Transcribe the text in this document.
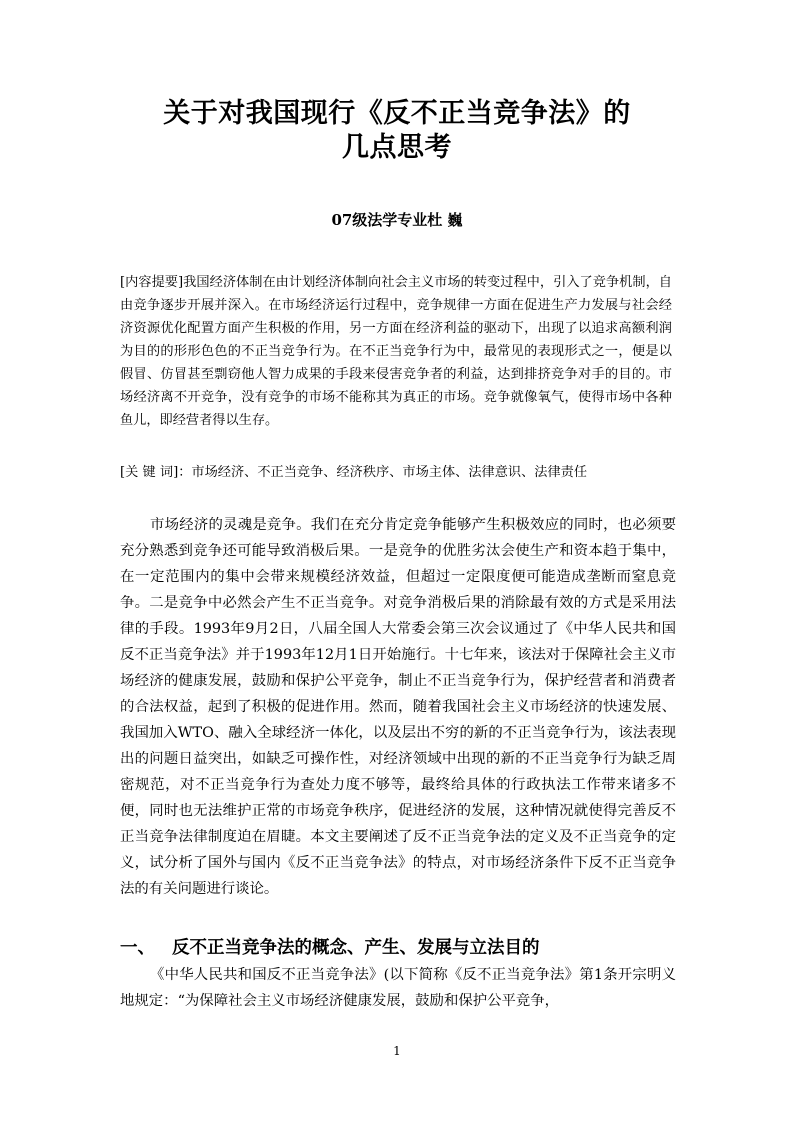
关于对我国现行《反不正当竞争法》的
几点思考
07级法学专业杜 巍

[内容提要]我国经济体制在由计划经济体制向社会主义市场的转变过程中，引入了竞争机制，自由竞争逐步开展并深入。在市场经济运行过程中，竞争规律一方面在促进生产力发展与社会经济资源优化配置方面产生积极的作用，另一方面在经济利益的驱动下，出现了以追求高额利润为目的的形形色色的不正当竞争行为。在不正当竞争行为中，最常见的表现形式之一，便是以假冒、仿冒甚至剽窃他人智力成果的手段来侵害竞争者的利益，达到排挤竞争对手的目的。市场经济离不开竞争，没有竞争的市场不能称其为真正的市场。竞争就像氧气，使得市场中各种鱼儿，即经营者得以生存。

[关 键 词]：市场经济、不正当竞争、经济秩序、市场主体、法律意识、法律责任

市场经济的灵魂是竞争。我们在充分肯定竞争能够产生积极效应的同时，也必须要充分熟悉到竞争还可能导致消极后果。一是竞争的优胜劣汰会使生产和资本趋于集中，在一定范围内的集中会带来规模经济效益，但超过一定限度便可能造成垄断而窒息竞争。二是竞争中必然会产生不正当竞争。对竞争消极后果的消除最有效的方式是采用法律的手段。1993年9月2日，八届全国人大常委会第三次会议通过了《中华人民共和国反不正当竞争法》并于1993年12月1日开始施行。十七年来，该法对于保障社会主义市场经济的健康发展，鼓励和保护公平竞争，制止不正当竞争行为，保护经营者和消费者的合法权益，起到了积极的促进作用。然而，随着我国社会主义市场经济的快速发展、我国加入WTO、融入全球经济一体化，以及层出不穷的新的不正当竞争行为，该法表现出的问题日益突出，如缺乏可操作性，对经济领域中出现的新的不正当竞争行为缺乏周密规范，对不正当竞争行为查处力度不够等，最终给具体的行政执法工作带来诸多不便，同时也无法维护正常的市场竞争秩序，促进经济的发展，这种情况就使得完善反不正当竞争法律制度迫在眉睫。本文主要阐述了反不正当竞争法的定义及不正当竞争的定义，试分析了国外与国内《反不正当竞争法》的特点，对市场经济条件下反不正当竞争法的有关问题进行谈论。

一、 反不正当竞争法的概念、产生、发展与立法目的

《中华人民共和国反不正当竞争法》(以下简称《反不正当竞争法》第1条开宗明义地规定：“为保障社会主义市场经济健康发展，鼓励和保护公平竞争，

1
